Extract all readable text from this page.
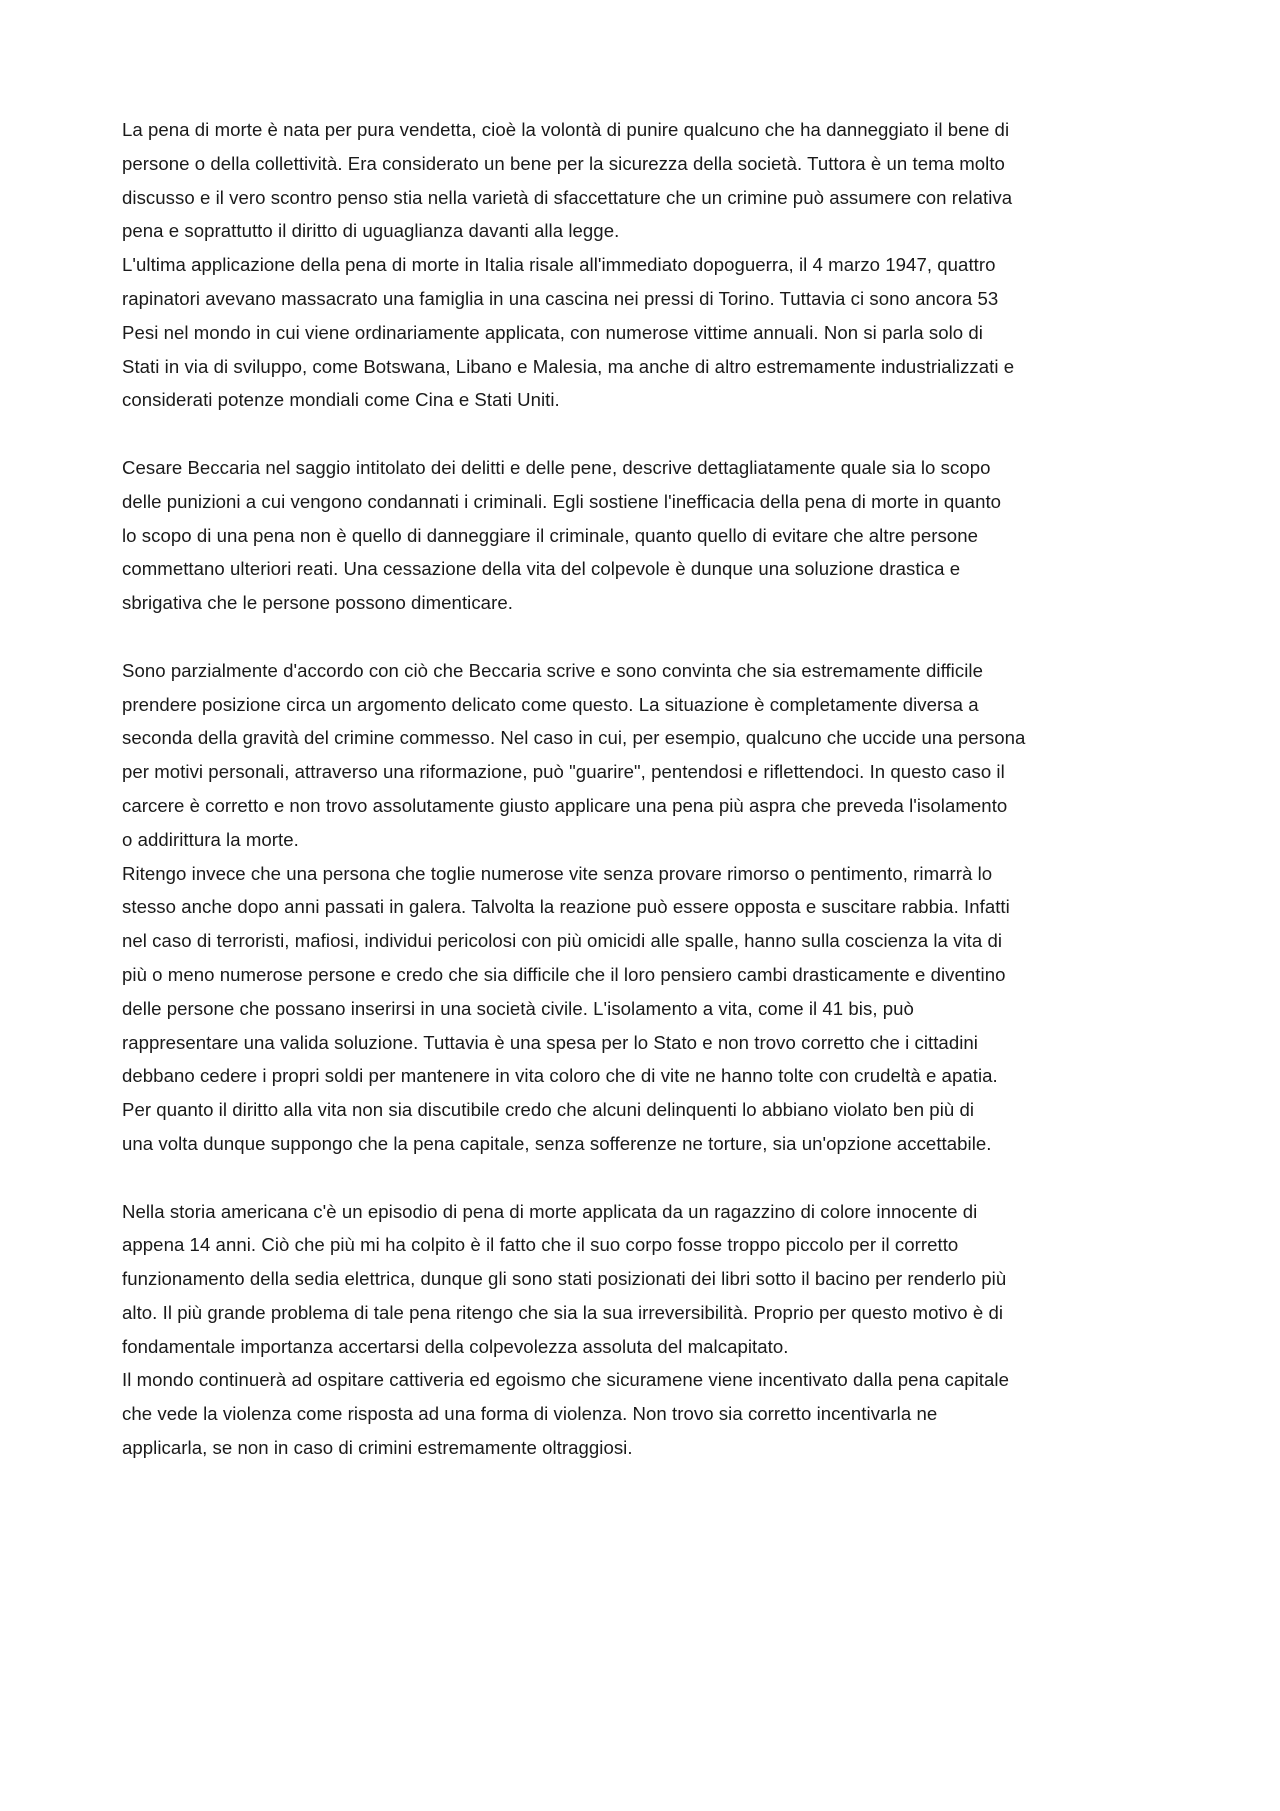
La pena di morte è nata per pura vendetta, cioè la volontà di punire qualcuno che ha danneggiato il bene di
persone o della collettività. Era considerato un bene per la sicurezza della società. Tuttora è un tema molto
discusso e il vero scontro penso stia nella varietà di sfaccettature che un crimine può assumere con relativa
pena e soprattutto il diritto di uguaglianza davanti alla legge.
L'ultima applicazione della pena di morte in Italia risale all'immediato dopoguerra, il 4 marzo 1947, quattro
rapinatori avevano massacrato una famiglia in una cascina nei pressi di Torino. Tuttavia ci sono ancora 53
Pesi nel mondo in cui viene ordinariamente applicata, con numerose vittime annuali. Non si parla solo di
Stati in via di sviluppo, come Botswana, Libano e Malesia, ma anche di altro estremamente industrializzati e
considerati potenze mondiali come Cina e Stati Uniti.
Cesare Beccaria nel saggio intitolato dei delitti e delle pene, descrive dettagliatamente quale sia lo scopo
delle punizioni a cui vengono condannati i criminali. Egli sostiene l'inefficacia della pena di morte in quanto
lo scopo di una pena non è quello di danneggiare il criminale, quanto quello di evitare che altre persone
commettano ulteriori reati. Una cessazione della vita del colpevole è dunque una soluzione drastica e
sbrigativa che le persone possono dimenticare.
Sono parzialmente d'accordo con ciò che Beccaria scrive e sono convinta che sia estremamente difficile
prendere posizione circa un argomento delicato come questo. La situazione è completamente diversa a
seconda della gravità del crimine commesso. Nel caso in cui, per esempio, qualcuno che uccide una persona
per motivi personali, attraverso una riformazione, può "guarire", pentendosi e riflettendoci. In questo caso il
carcere è corretto e non trovo assolutamente giusto applicare una pena più aspra che preveda l'isolamento
o addirittura la morte.
Ritengo invece che una persona che toglie numerose vite senza provare rimorso o pentimento, rimarrà lo
stesso anche dopo anni passati in galera. Talvolta la reazione può essere opposta e suscitare rabbia. Infatti
nel caso di terroristi, mafiosi, individui pericolosi con più omicidi alle spalle, hanno sulla coscienza la vita di
più o meno numerose persone e credo che sia difficile che il loro pensiero cambi drasticamente e diventino
delle persone che possano inserirsi in una società civile. L'isolamento a vita, come il 41 bis, può
rappresentare una valida soluzione. Tuttavia è una spesa per lo Stato e non trovo corretto che i cittadini
debbano cedere i propri soldi per mantenere in vita coloro che di vite ne hanno tolte con crudeltà e apatia.
Per quanto il diritto alla vita non sia discutibile credo che alcuni delinquenti lo abbiano violato ben più di
una volta dunque suppongo che la pena capitale, senza sofferenze ne torture, sia un'opzione accettabile.
Nella storia americana c'è un episodio di pena di morte applicata da un ragazzino di colore innocente di
appena 14 anni. Ciò che più mi ha colpito è il fatto che il suo corpo fosse troppo piccolo per il corretto
funzionamento della sedia elettrica, dunque gli sono stati posizionati dei libri sotto il bacino per renderlo più
alto. Il più grande problema di tale pena ritengo che sia la sua irreversibilità. Proprio per questo motivo è di
fondamentale importanza accertarsi della colpevolezza assoluta del malcapitato.
Il mondo continuerà ad ospitare cattiveria ed egoismo che sicuramene viene incentivato dalla pena capitale
che vede la violenza come risposta ad una forma di violenza. Non trovo sia corretto incentivarla ne
applicarla, se non in caso di crimini estremamente oltraggiosi.
